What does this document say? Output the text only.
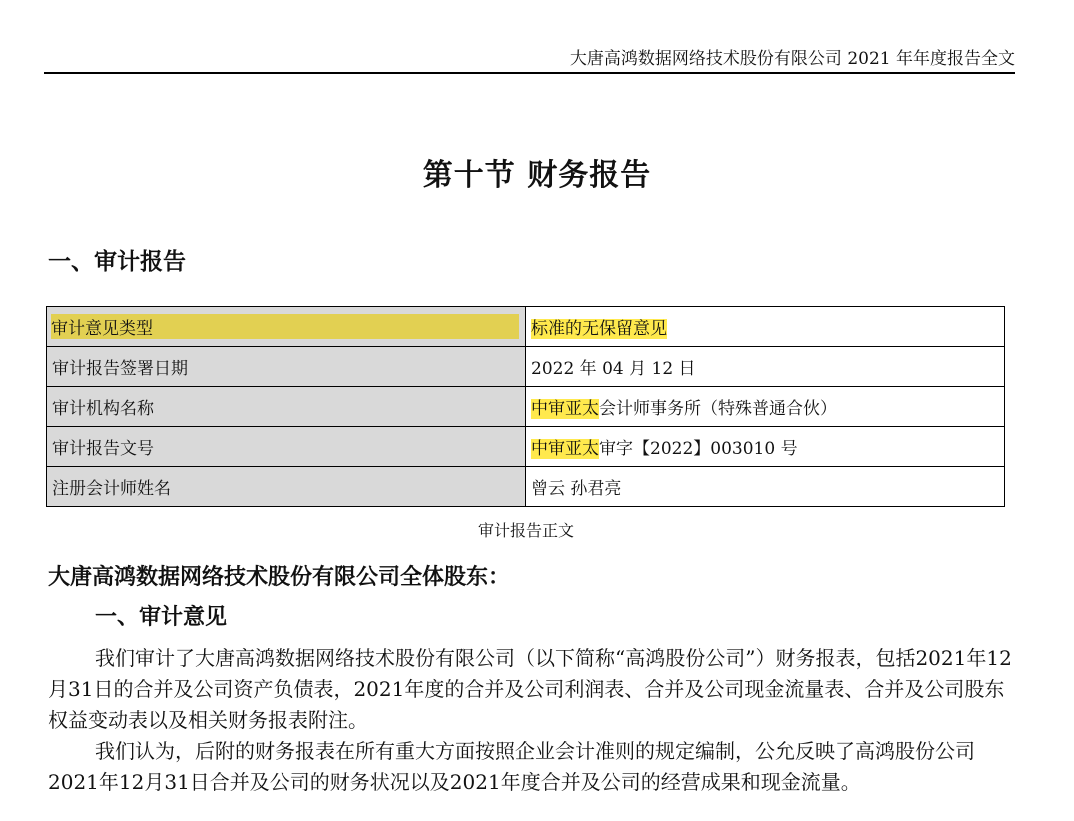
大唐高鸿数据网络技术股份有限公司 2021 年年度报告全文
第十节 财务报告
一、审计报告
审计意见类型	标准的无保留意见
审计报告签署日期	2022 年 04 月 12 日
审计机构名称	中审亚太会计师事务所（特殊普通合伙）
审计报告文号	中审亚太审字【2022】003010 号
注册会计师姓名	曾云 孙君亮
审计报告正文
大唐高鸿数据网络技术股份有限公司全体股东：
一、审计意见

我们审计了大唐高鸿数据网络技术股份有限公司（以下简称“高鸿股份公司”）财务报表，包括2021年12月31日的合并及公司资产负债表，2021年度的合并及公司利润表、合并及公司现金流量表、合并及公司股东权益变动表以及相关财务报表附注。

我们认为，后附的财务报表在所有重大方面按照企业会计准则的规定编制，公允反映了高鸿股份公司2021年12月31日合并及公司的财务状况以及2021年度合并及公司的经营成果和现金流量。
